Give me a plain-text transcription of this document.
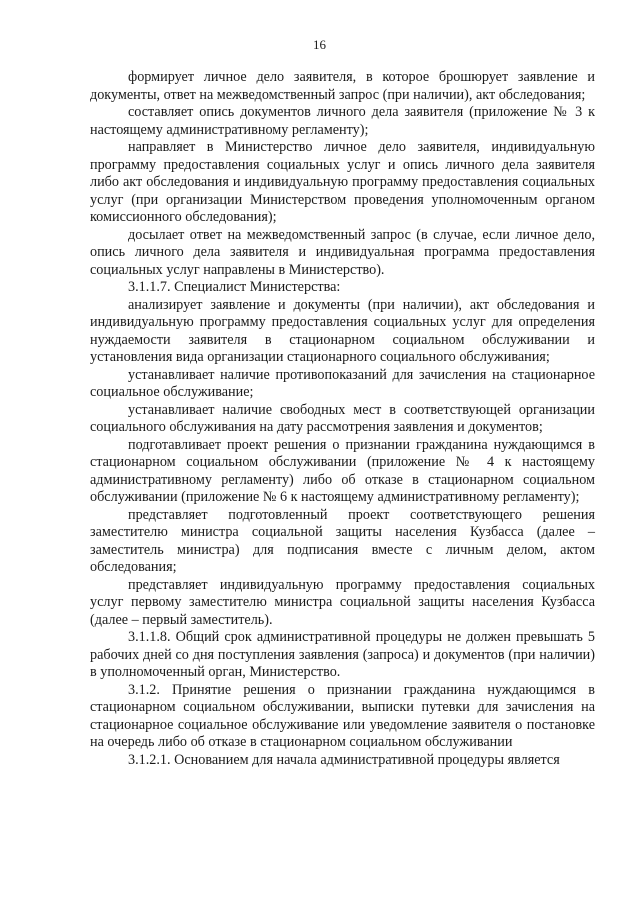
16

формирует личное дело заявителя, в которое брошюрует заявление и документы, ответ на межведомственный запрос (при наличии), акт обследования;

составляет опись документов личного дела заявителя (приложение № 3 к настоящему административному регламенту);

направляет в Министерство личное дело заявителя, индивидуальную программу предоставления социальных услуг и опись личного дела заявителя либо акт обследования и индивидуальную программу предоставления социальных услуг (при организации Министерством проведения уполномоченным органом комиссионного обследования);

досылает ответ на межведомственный запрос (в случае, если личное дело, опись личного дела заявителя и индивидуальная программа предоставления социальных услуг направлены в Министерство).

3.1.1.7. Специалист Министерства:

анализирует заявление и документы (при наличии), акт обследования и индивидуальную программу предоставления социальных услуг для определения нуждаемости заявителя в стационарном социальном обслуживании и установления вида организации стационарного социального обслуживания;

устанавливает наличие противопоказаний для зачисления на стационарное социальное обслуживание;

устанавливает наличие свободных мест в соответствующей организации социального обслуживания на дату рассмотрения заявления и документов;

подготавливает проект решения о признании гражданина нуждающимся в стационарном социальном обслуживании (приложение № 4 к настоящему административному регламенту) либо об отказе в стационарном социальном обслуживании (приложение № 6 к настоящему административному регламенту);

представляет подготовленный проект соответствующего решения заместителю министра социальной защиты населения Кузбасса (далее – заместитель министра) для подписания вместе с личным делом, актом обследования;

представляет индивидуальную программу предоставления социальных услуг первому заместителю министра социальной защиты населения Кузбасса (далее – первый заместитель).

3.1.1.8. Общий срок административной процедуры не должен превышать 5 рабочих дней со дня поступления заявления (запроса) и документов (при наличии) в уполномоченный орган, Министерство.

3.1.2. Принятие решения о признании гражданина нуждающимся в стационарном социальном обслуживании, выписки путевки для зачисления на стационарное социальное обслуживание или уведомление заявителя о постановке на очередь либо об отказе в стационарном социальном обслуживании

3.1.2.1. Основанием для начала административной процедуры является
